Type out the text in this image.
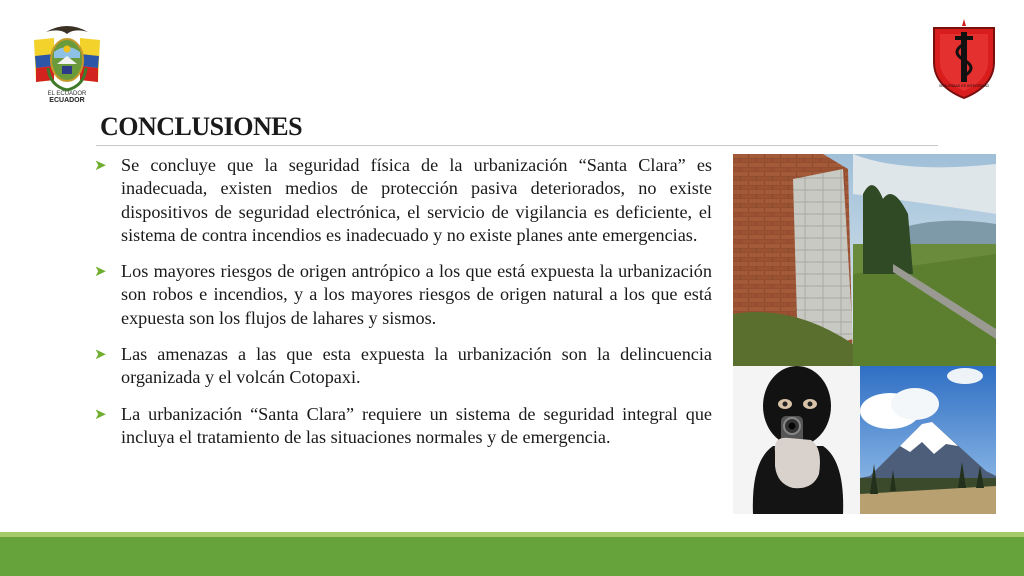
EL ECUADOR
ECUADOR
SEGURIDAD ES INTEGRIDAD
CONCLUSIONES

➤ Se concluye que la seguridad física de la urbanización “Santa Clara” es inadecuada, existen medios de protección pasiva deteriorados, no existe dispositivos de seguridad electrónica, el servicio de vigilancia es deficiente, el sistema de contra incendios es inadecuado y no existe planes ante emergencias.

➤ Los mayores riesgos de origen antrópico a los que está expuesta la urbanización son robos e incendios, y a los mayores riesgos de origen natural a los que está expuesta son los flujos de lahares y sismos.

➤ Las amenazas a las que esta expuesta la urbanización son la delincuencia organizada y el volcán Cotopaxi.

➤ La urbanización “Santa Clara” requiere un sistema de seguridad integral que incluya el tratamiento de las situaciones normales y de emergencia.
